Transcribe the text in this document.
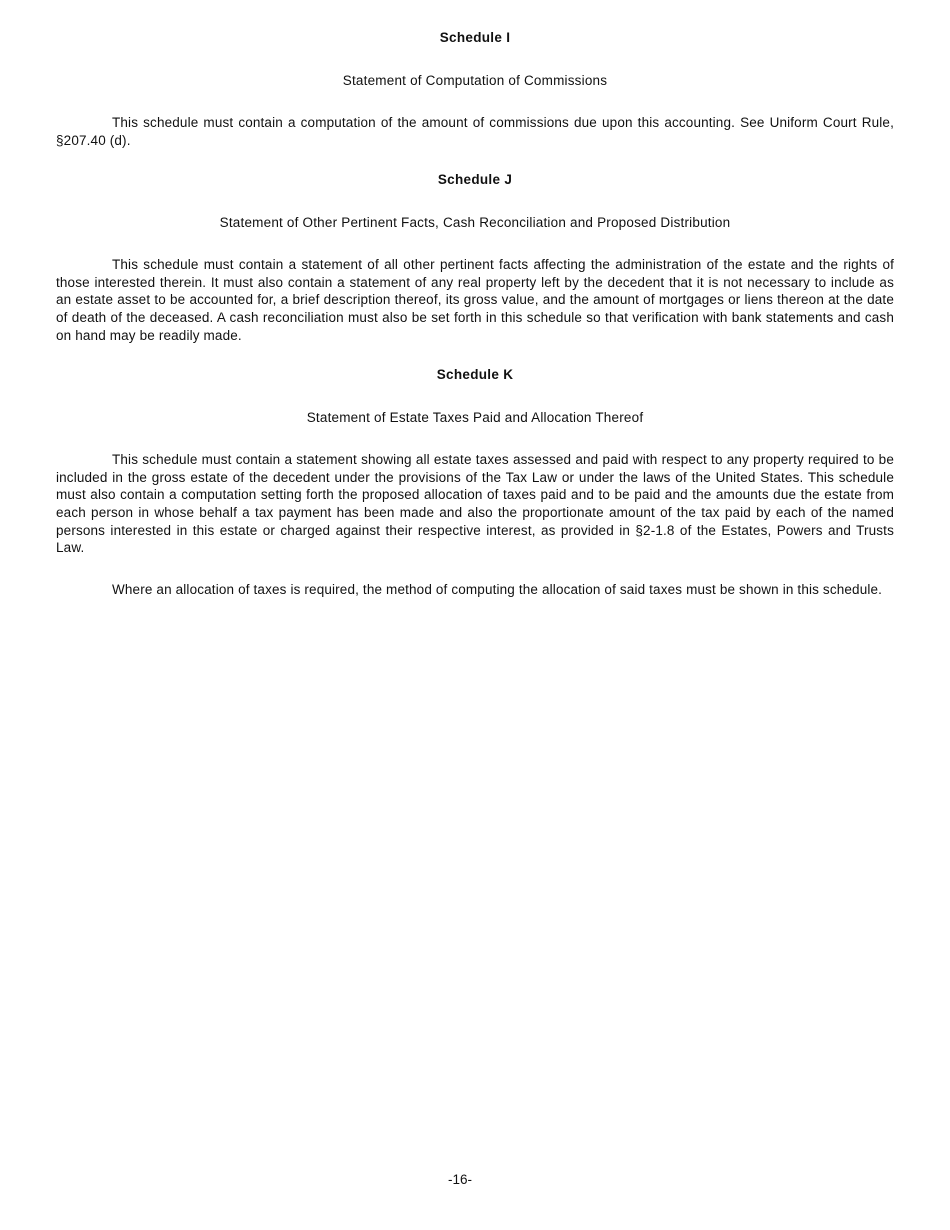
Schedule I
Statement of Computation of Commissions

This schedule must contain a computation of the amount of commissions due upon this accounting. See Uniform Court Rule, §207.40 (d).

Schedule J
Statement of Other Pertinent Facts, Cash Reconciliation and Proposed Distribution

This schedule must contain a statement of all other pertinent facts affecting the administration of the estate and the rights of those interested therein. It must also contain a statement of any real property left by the decedent that it is not necessary to include as an estate asset to be accounted for, a brief description thereof, its gross value, and the amount of mortgages or liens thereon at the date of death of the deceased. A cash reconciliation must also be set forth in this schedule so that verification with bank statements and cash on hand may be readily made.

Schedule K
Statement of Estate Taxes Paid and Allocation Thereof

This schedule must contain a statement showing all estate taxes assessed and paid with respect to any property required to be included in the gross estate of the decedent under the provisions of the Tax Law or under the laws of the United States. This schedule must also contain a computation setting forth the proposed allocation of taxes paid and to be paid and the amounts due the estate from each person in whose behalf a tax payment has been made and also the proportionate amount of the tax paid by each of the named persons interested in this estate or charged against their respective interest, as provided in §2-1.8 of the Estates, Powers and Trusts Law.

Where an allocation of taxes is required, the method of computing the allocation of said taxes must be shown in this schedule.

-16-
